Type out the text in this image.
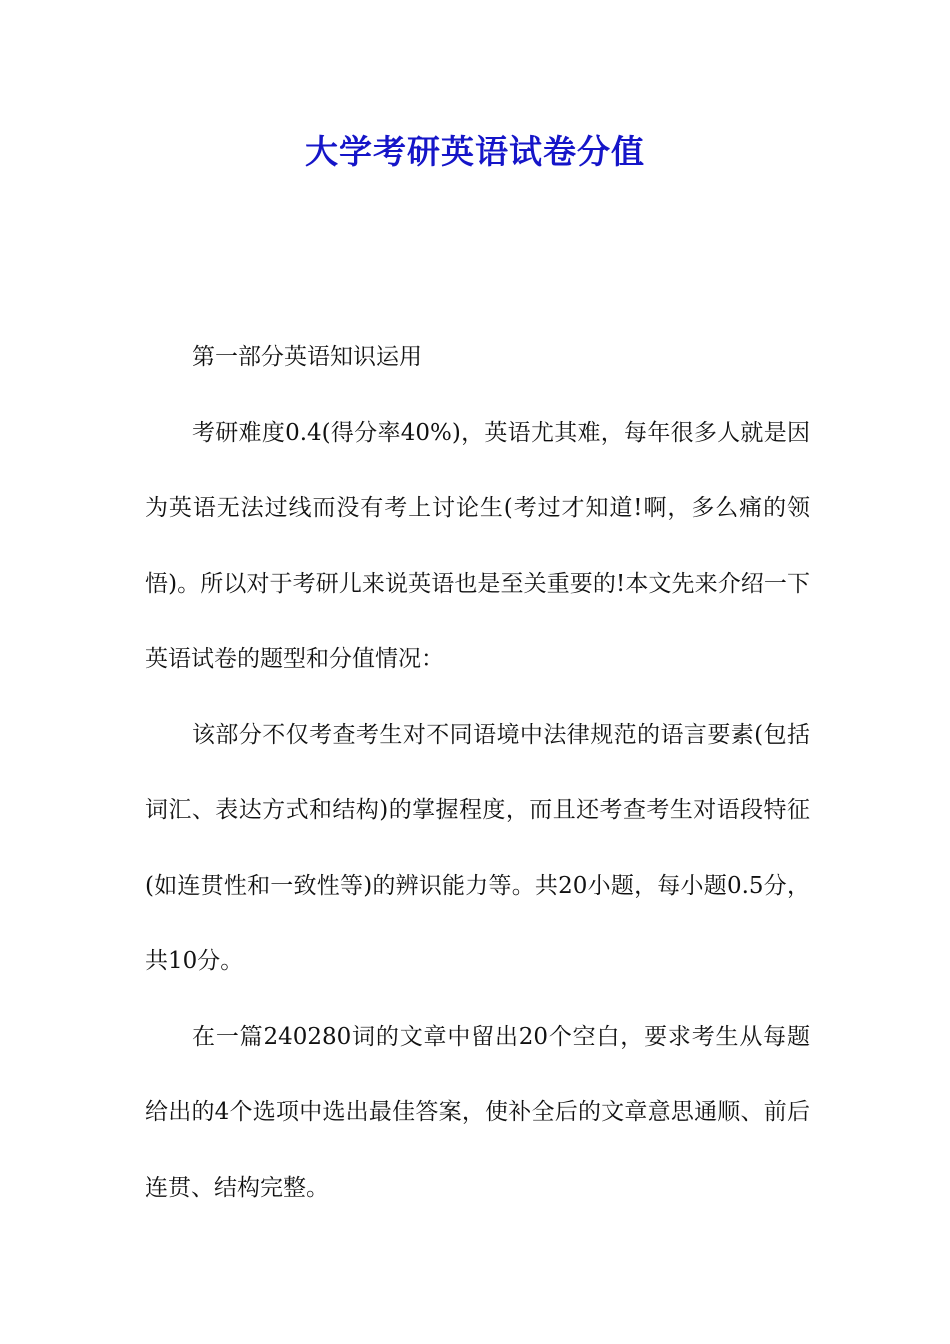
大学考研英语试卷分值

第一部分英语知识运用

考研难度0.4(得分率40%)，英语尤其难，每年很多人就是因为英语无法过线而没有考上讨论生(考过才知道!啊，多么痛的领悟)。所以对于考研儿来说英语也是至关重要的!本文先来介绍一下英语试卷的题型和分值情况：

该部分不仅考查考生对不同语境中法律规范的语言要素(包括词汇、表达方式和结构)的掌握程度，而且还考查考生对语段特征(如连贯性和一致性等)的辨识能力等。共20小题，每小题0.5分，共10分。

在一篇240280词的文章中留出20个空白，要求考生从每题给出的4个选项中选出最佳答案，使补全后的文章意思通顺、前后连贯、结构完整。
